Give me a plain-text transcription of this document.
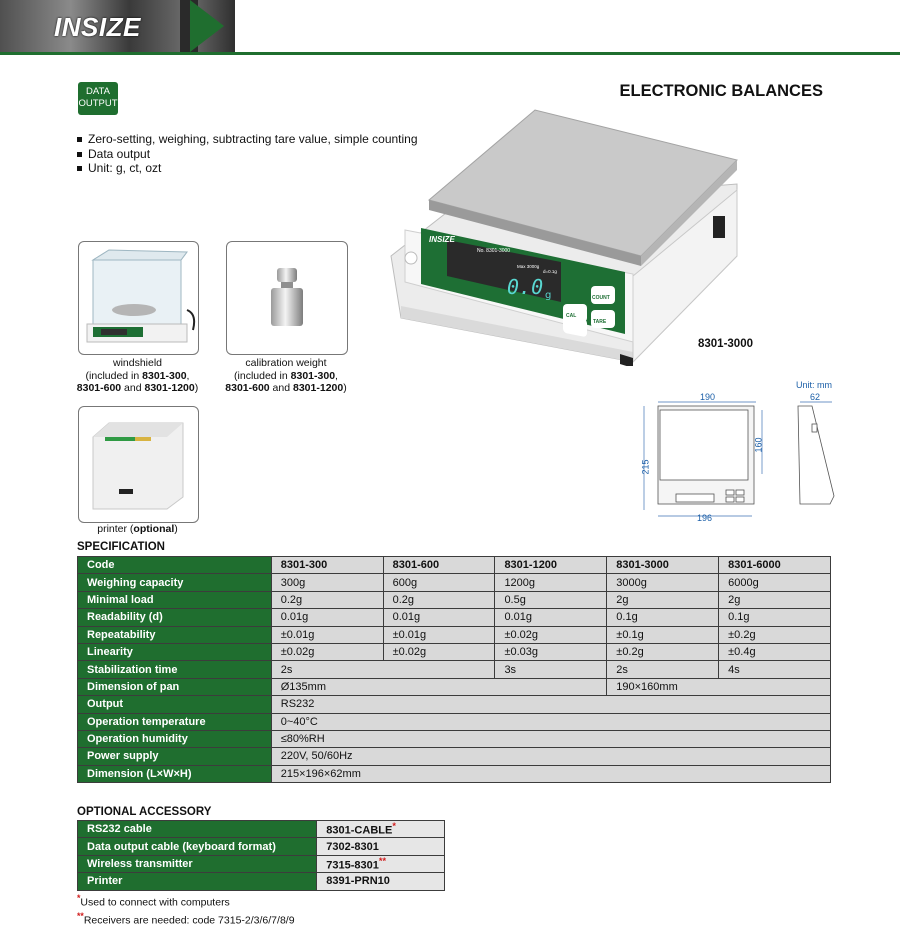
INSIZE
DATA
OUTPUT
ELECTRONIC BALANCES
Zero-setting, weighing, subtracting tare value, simple counting
Data output
Unit: g, ct, ozt
INSIZE
No. 8301-3000
Max 3000g
d=0.1g
0.0 g	COUNT
CAL
TARE
8301-3000
windshield
(included in 8301-300,
8301-600 and 8301-1200)
calibration weight
(included in 8301-300,
8301-600 and 8301-1200)
printer (optional)
Unit: mm
190
196
215
160
62
SPECIFICATION
Code	8301-300	8301-600	8301-1200	8301-3000	8301-6000
Weighing capacity	300g	600g	1200g	3000g	6000g
Minimal load	0.2g	0.2g	0.5g	2g	2g
Readability (d)	0.01g	0.01g	0.01g	0.1g	0.1g
Repeatability	±0.01g	±0.01g	±0.02g	±0.1g	±0.2g
Linearity	±0.02g	±0.02g	±0.03g	±0.2g	±0.4g
Stabilization time	2s		3s	2s	4s
Dimension of pan	Ø135mm			190×160mm	
Output	RS232				
Operation temperature	0~40°C				
Operation humidity	≤80%RH				
Power supply	220V, 50/60Hz				
Dimension (L×W×H)	215×196×62mm				
OPTIONAL ACCESSORY
RS232 cable	8301-CABLE*
Data output cable (keyboard format)	7302-8301
Wireless transmitter	7315-8301**
Printer	8391-PRN10
*Used to connect with computers
**Receivers are needed: code 7315-2/3/6/7/8/9
